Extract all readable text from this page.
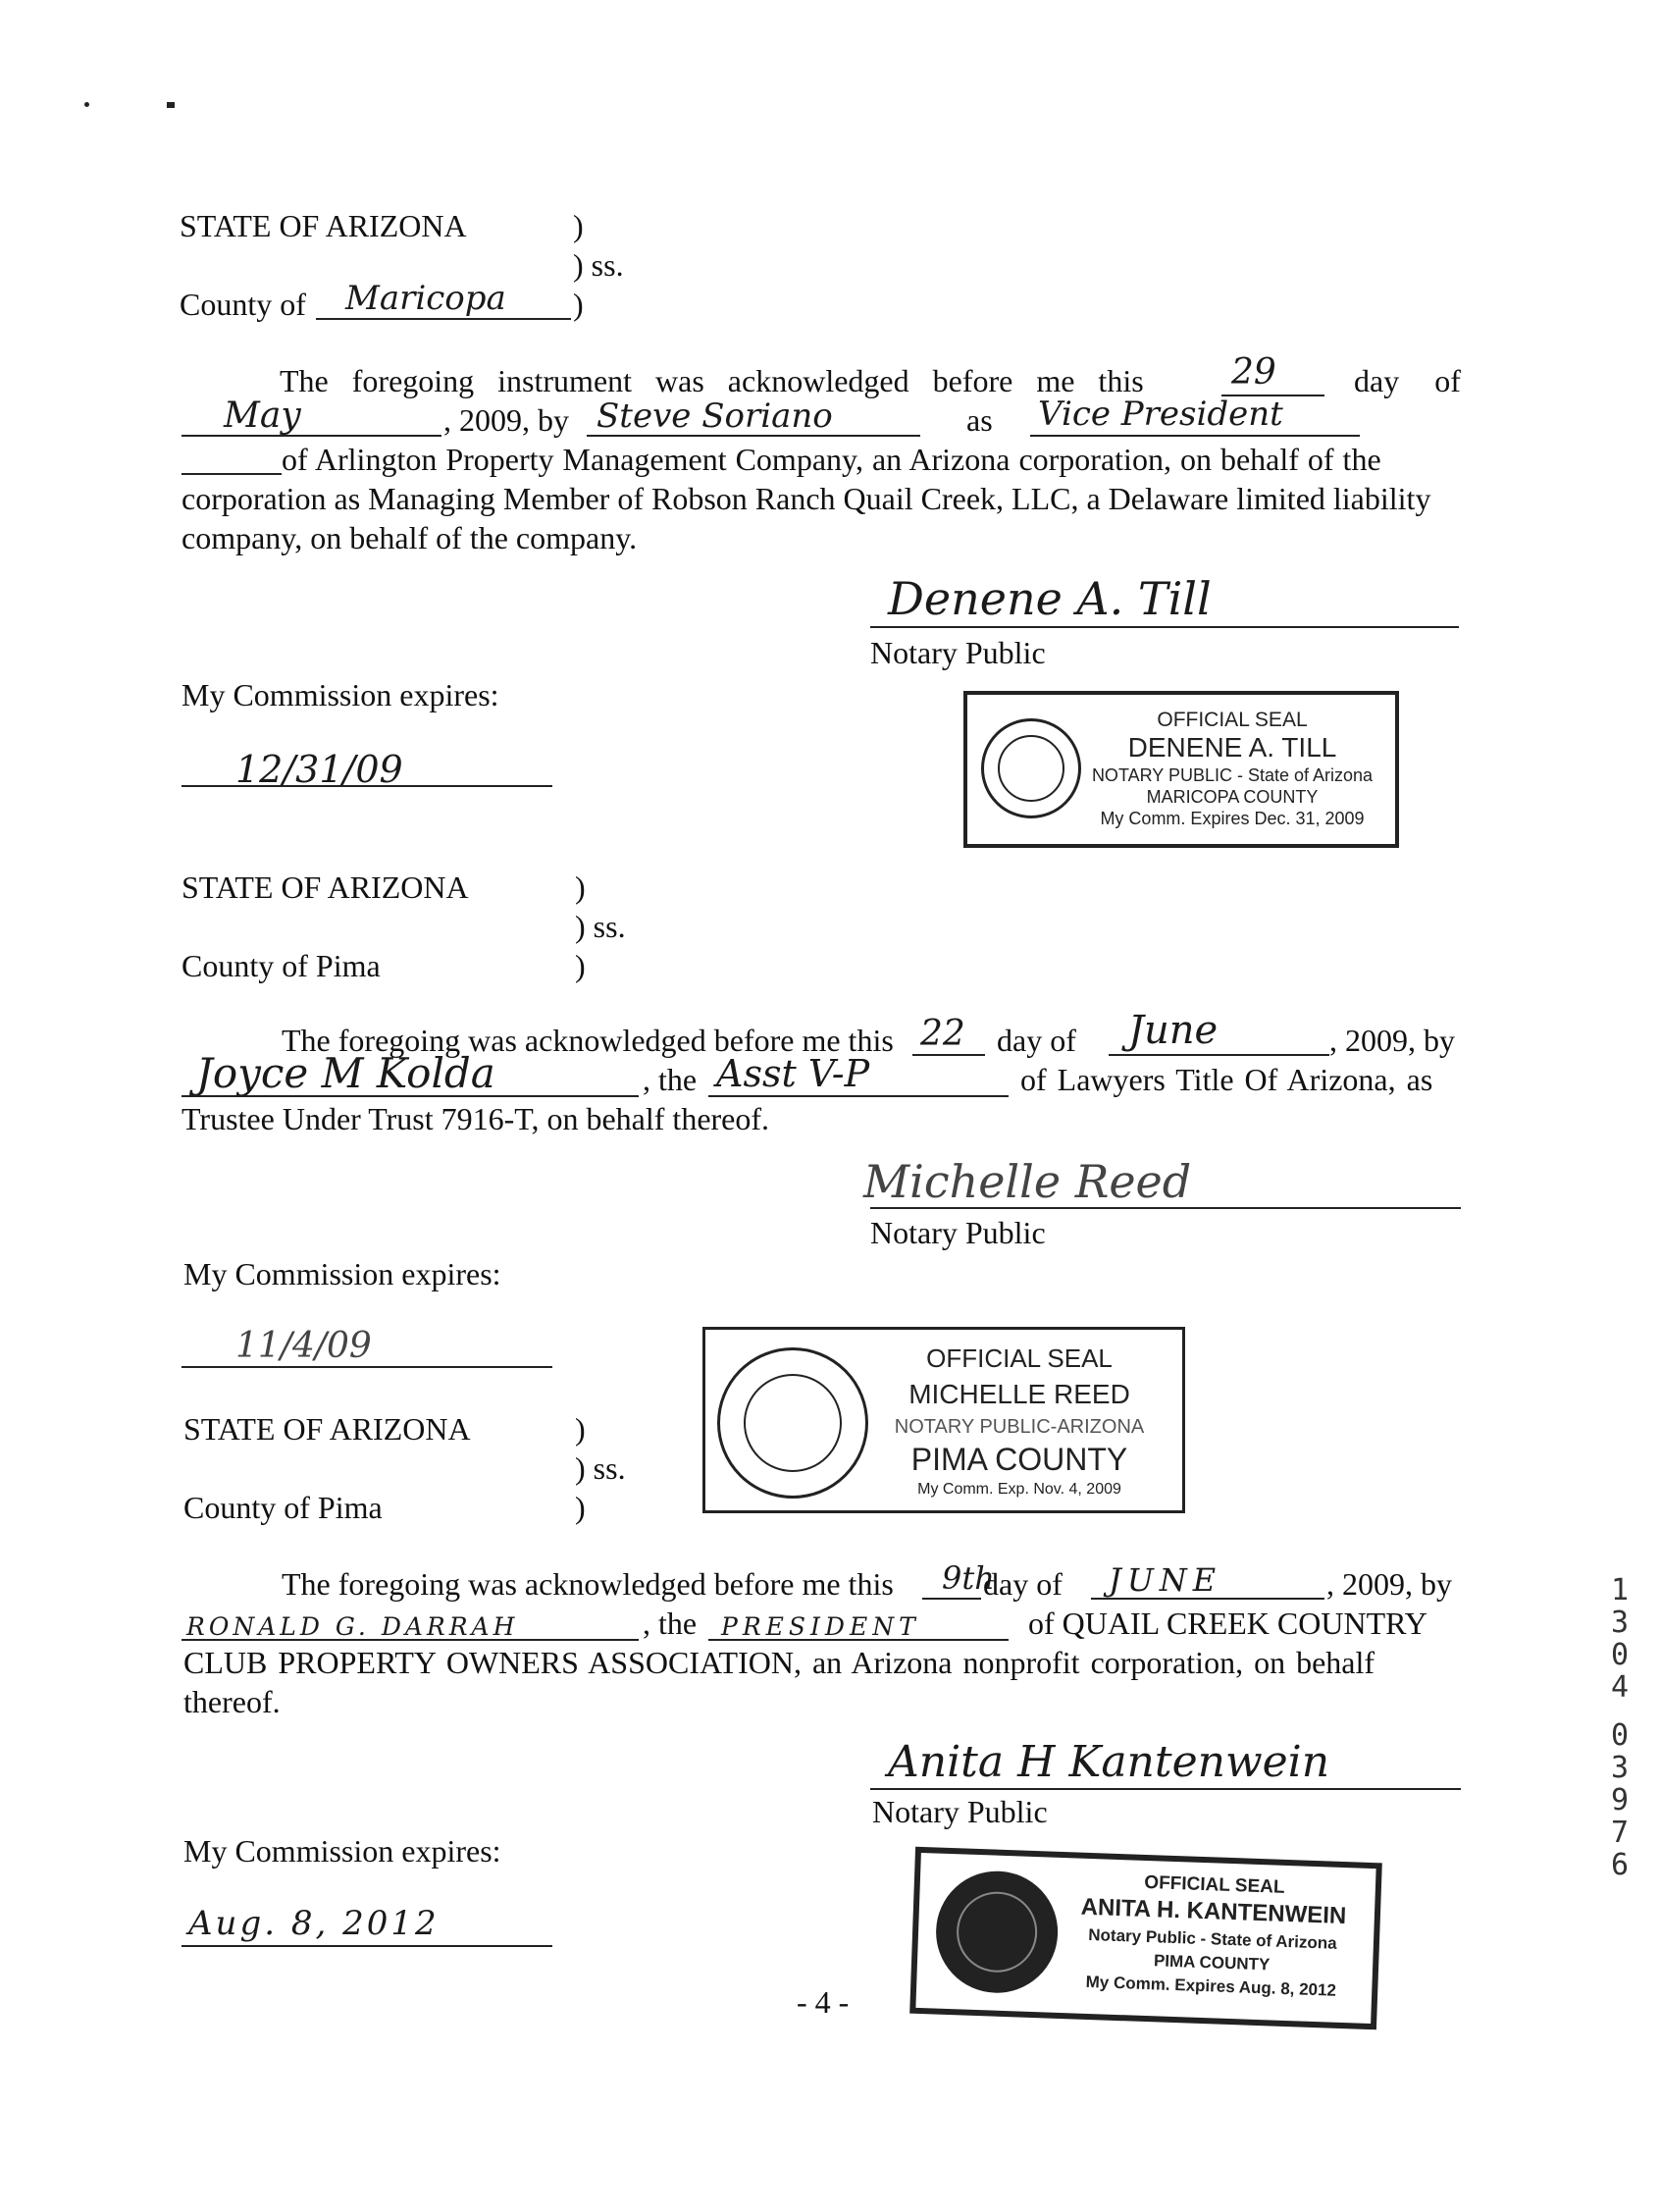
STATE OF ARIZONA	)
) ss.
County of Maricopa )
The foregoing instrument was acknowledged before me this 29 day of
May	, 2009, by Steve Soriano	as Vice President
of Arlington Property Management Company, an Arizona corporation, on behalf of the
corporation as Managing Member of Robson Ranch Quail Creek, LLC, a Delaware limited liability
company, on behalf of the company.
Denene A. Till
Notary Public
My Commission expires:
12/31/09
OFFICIAL SEAL
DENENE A. TILL
NOTARY PUBLIC - State of Arizona
MARICOPA COUNTY
My Comm. Expires Dec. 31, 2009
STATE OF ARIZONA	)
) ss.
County of Pima	)
The foregoing was acknowledged before me this 22 day of June	, 2009, by
Joyce M Kolda	, the Asst V-P	of Lawyers Title Of Arizona, as
Trustee Under Trust 7916-T, on behalf thereof.
Michelle Reed
Notary Public
My Commission expires:
11/4/09	OFFICIAL SEAL
MICHELLE REED
NOTARY PUBLIC-ARIZONA
PIMA COUNTY
My Comm. Exp. Nov. 4, 2009
STATE OF ARIZONA	)
) ss.
County of Pima	)
The foregoing was acknowledged before me this 9th
day of JUNE	, 2009, by
RONALD G. DARRAH	, the PRESIDENT	of QUAIL CREEK COUNTRY
CLUB PROPERTY OWNERS ASSOCIATION, an Arizona nonprofit corporation, on behalf
thereof.
Anita H Kantenwein
Notary Public
My Commission expires:
Aug. 8, 2012
OFFICIAL SEAL
ANITA H. KANTENWEIN
Notary Public - State of Arizona
PIMA COUNTY
My Comm. Expires Aug. 8, 2012
- 4 -
1
3
0
4
0
3
9
7
6
